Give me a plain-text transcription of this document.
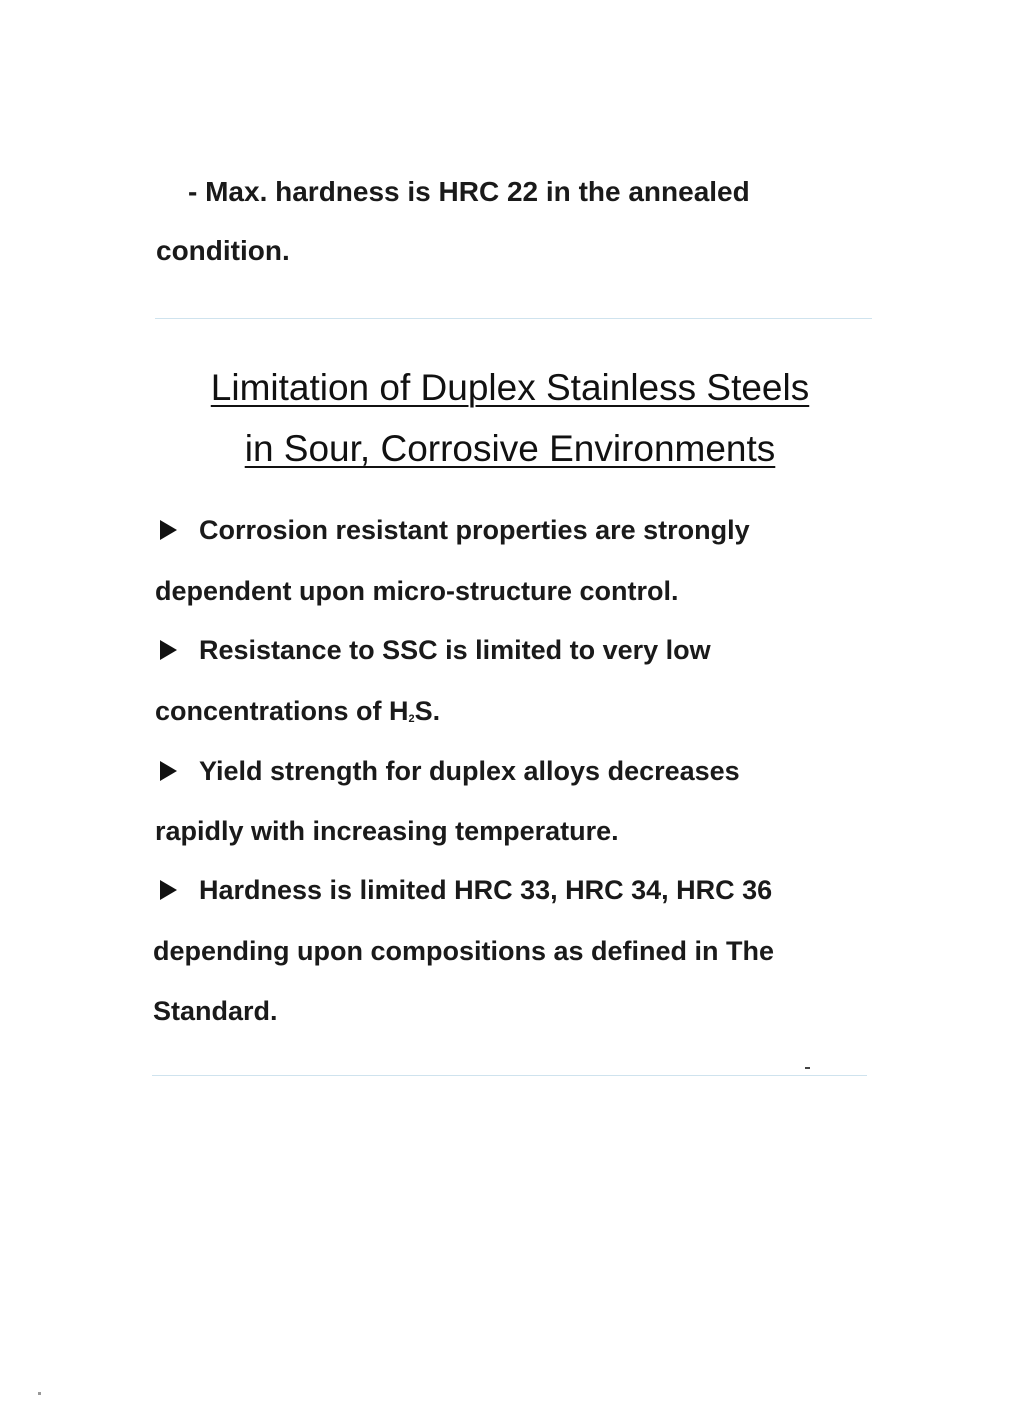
- Max. hardness is HRC 22 in the annealed
condition.
Limitation of Duplex Stainless Steels
in Sour, Corrosive Environments
Corrosion resistant properties are strongly
dependent upon micro-structure control.
Resistance to SSC is limited to very low
concentrations of $H_2S$.
Yield strength for duplex alloys decreases
rapidly with increasing temperature.
Hardness is limited HRC 33, HRC 34, HRC 36
depending upon compositions as defined in The
Standard.
